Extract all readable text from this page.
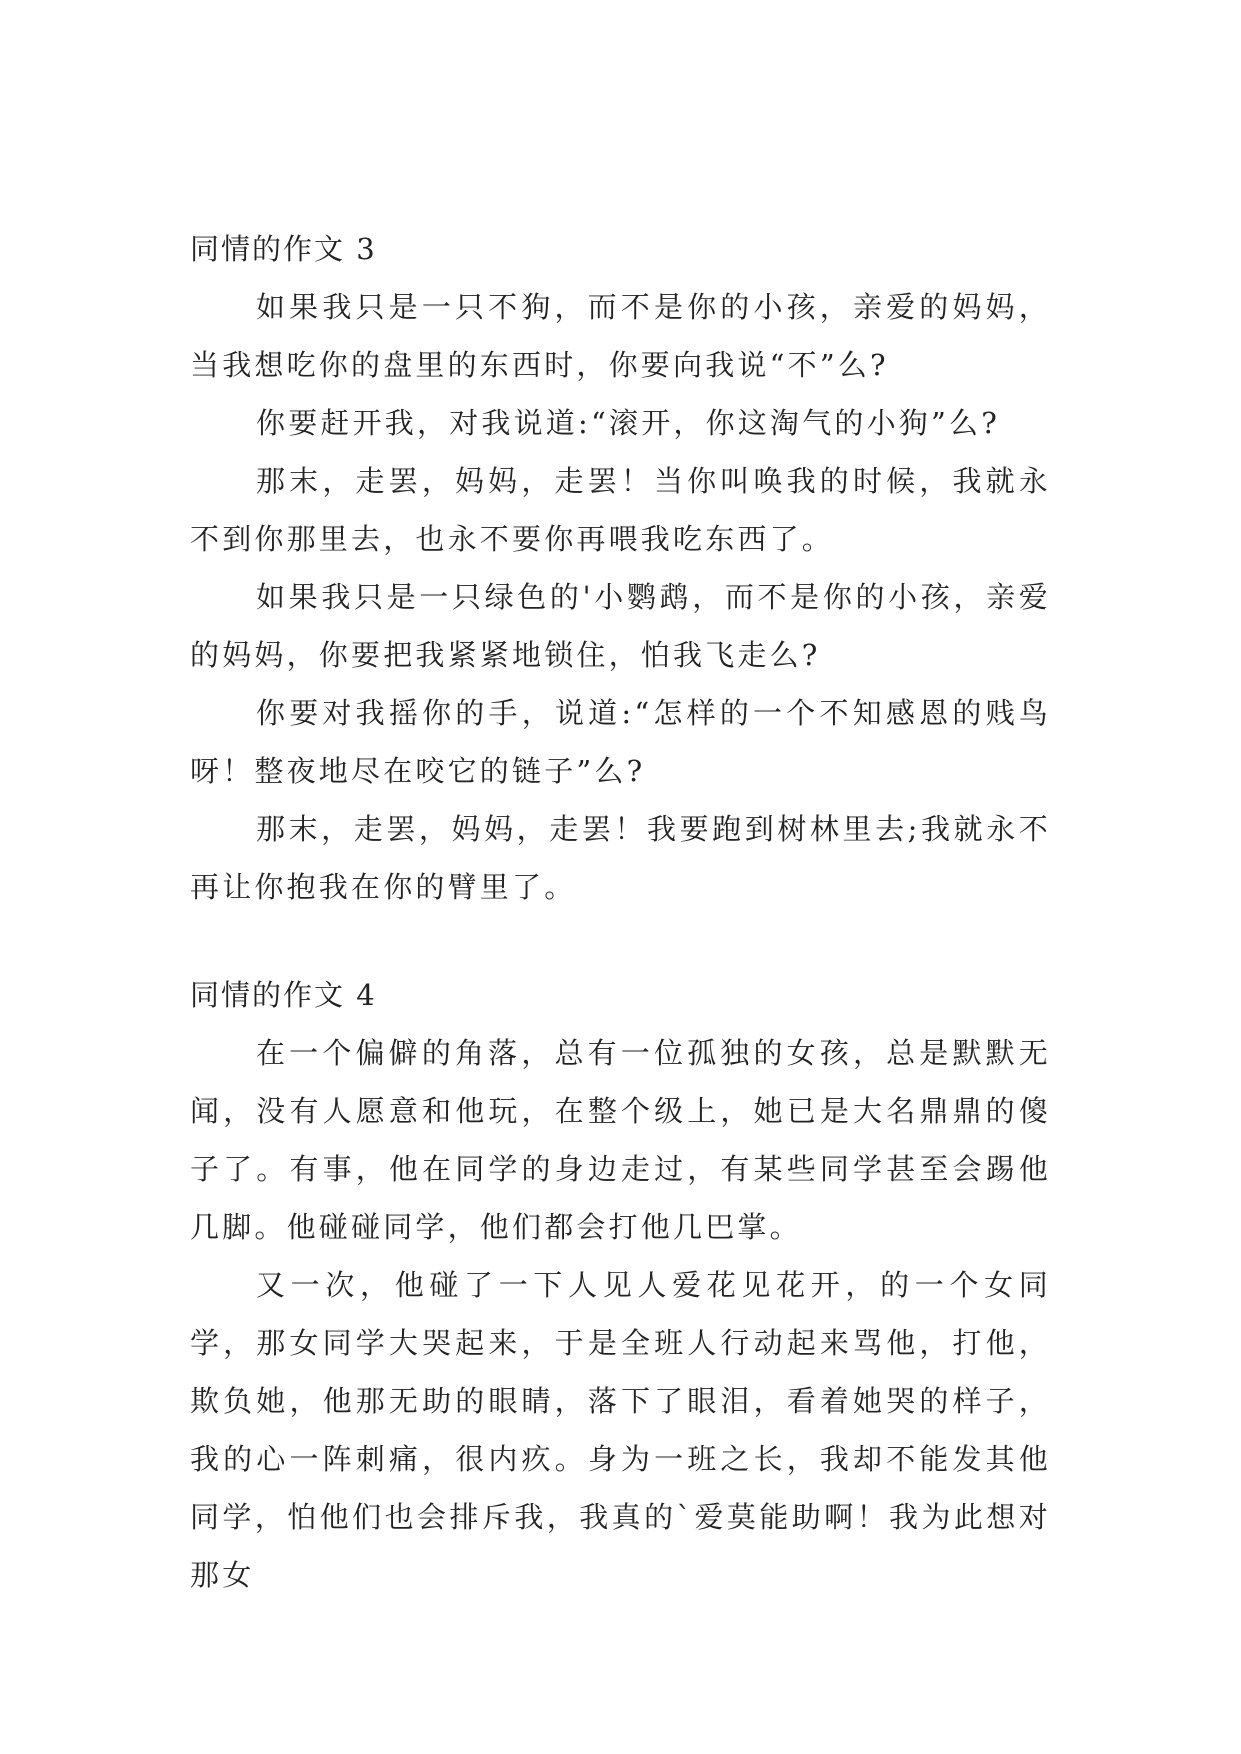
同情的作文 3

如果我只是一只不狗，而不是你的小孩，亲爱的妈妈，当我想吃你的盘里的东西时，你要向我说“不”么?

你要赶开我，对我说道:“滚开，你这淘气的小狗”么?

那末，走罢，妈妈，走罢！当你叫唤我的时候，我就永不到你那里去，也永不要你再喂我吃东西了。

如果我只是一只绿色的'小鹦鹉，而不是你的小孩，亲爱的妈妈，你要把我紧紧地锁住，怕我飞走么?

你要对我摇你的手，说道:“怎样的一个不知感恩的贱鸟呀！整夜地尽在咬它的链子”么?

那末，走罢，妈妈，走罢！我要跑到树林里去;我就永不再让你抱我在你的臂里了。

同情的作文 4

在一个偏僻的角落，总有一位孤独的女孩，总是默默无闻，没有人愿意和他玩，在整个级上，她已是大名鼎鼎的傻子了。有事，他在同学的身边走过，有某些同学甚至会踢他几脚。他碰碰同学，他们都会打他几巴掌。

又一次，他碰了一下人见人爱花见花开，的一个女同学，那女同学大哭起来，于是全班人行动起来骂他，打他，欺负她，他那无助的眼睛，落下了眼泪，看着她哭的样子，我的心一阵刺痛，很内疚。身为一班之长，我却不能发其他同学，怕他们也会排斥我，我真的`爱莫能助啊！我为此想对那女
